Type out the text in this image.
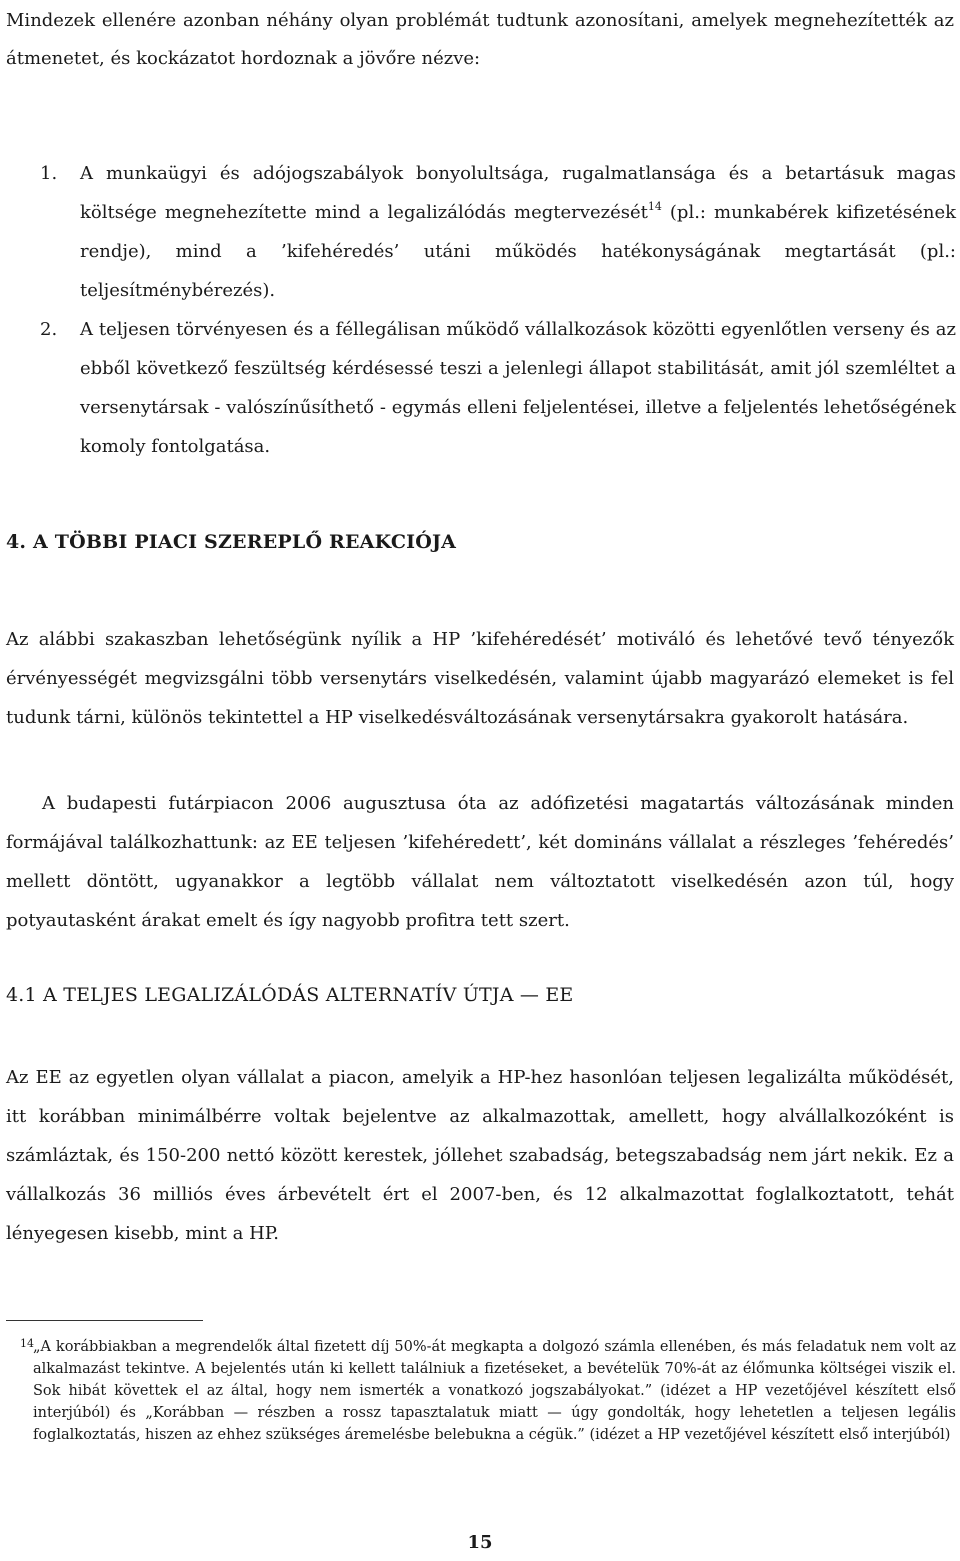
Mindezek ellenére azonban néhány olyan problémát tudtunk azonosítani, amelyek megnehezítették az átmenetet, és kockázatot hordoznak a jövőre nézve:

1. A munkaügyi és adójogszabályok bonyolultsága, rugalmatlansága és a betartásuk magas költsége megnehezítette mind a legalizálódás megtervezését$^{14}$ (pl.: munkabérek kifizetésének rendje), mind a ’kifehéredés’ utáni működés hatékonyságának megtartását (pl.: teljesítménybérezés).
2. A teljesen törvényesen és a féllegálisan működő vállalkozások közötti egyenlőtlen verseny és az ebből következő feszültség kérdésessé teszi a jelenlegi állapot stabilitását, amit jól szemléltet a versenytársak - valószínűsíthető - egymás elleni feljelentései, illetve a feljelentés lehetőségének komoly fontolgatása.
4. A TÖBBI PIACI SZEREPLŐ REAKCIÓJA

Az alábbi szakaszban lehetőségünk nyílik a HP ’kifehéredését’ motiváló és lehetővé tevő tényezők érvényességét megvizsgálni több versenytárs viselkedésén, valamint újabb magyarázó elemeket is fel tudunk tárni, különös tekintettel a HP viselkedésváltozásának versenytársakra gyakorolt hatására.

A budapesti futárpiacon 2006 augusztusa óta az adófizetési magatartás változásának minden formájával találkozhattunk: az EE teljesen ’kifehéredett’, két domináns vállalat a részleges ’fehéredés’ mellett döntött, ugyanakkor a legtöbb vállalat nem változtatott viselkedésén azon túl, hogy potyautasként árakat emelt és így nagyobb profitra tett szert.

4.1 A TELJES LEGALIZÁLÓDÁS ALTERNATÍV ÚTJA — EE

Az EE az egyetlen olyan vállalat a piacon, amelyik a HP-hez hasonlóan teljesen legalizálta működését, itt korábban minimálbérre voltak bejelentve az alkalmazottak, amellett, hogy alvállalkozóként is számláztak, és 150-200 nettó között kerestek, jóllehet szabadság, betegszabadság nem járt nekik. Ez a vállalkozás 36 milliós éves árbevételt ért el 2007-ben, és 12 alkalmazottat foglalkoztatott, tehát lényegesen kisebb, mint a HP.

14 „A korábbiakban a megrendelők által fizetett díj 50%-át megkapta a dolgozó számla ellenében, és más feladatuk nem volt az alkalmazást tekintve. A bejelentés után ki kellett találniuk a fizetéseket, a bevételük 70%-át az élőmunka költségei viszik el. Sok hibát követtek el az által, hogy nem ismerték a vonatkozó jogszabályokat.” (idézet a HP vezetőjével készített első interjúból) és „Korábban — részben a rossz tapasztalatuk miatt — úgy gondolták, hogy lehetetlen a teljesen legális foglalkoztatás, hiszen az ehhez szükséges áremelésbe belebukna a cégük.” (idézet a HP vezetőjével készített első interjúból)
15
